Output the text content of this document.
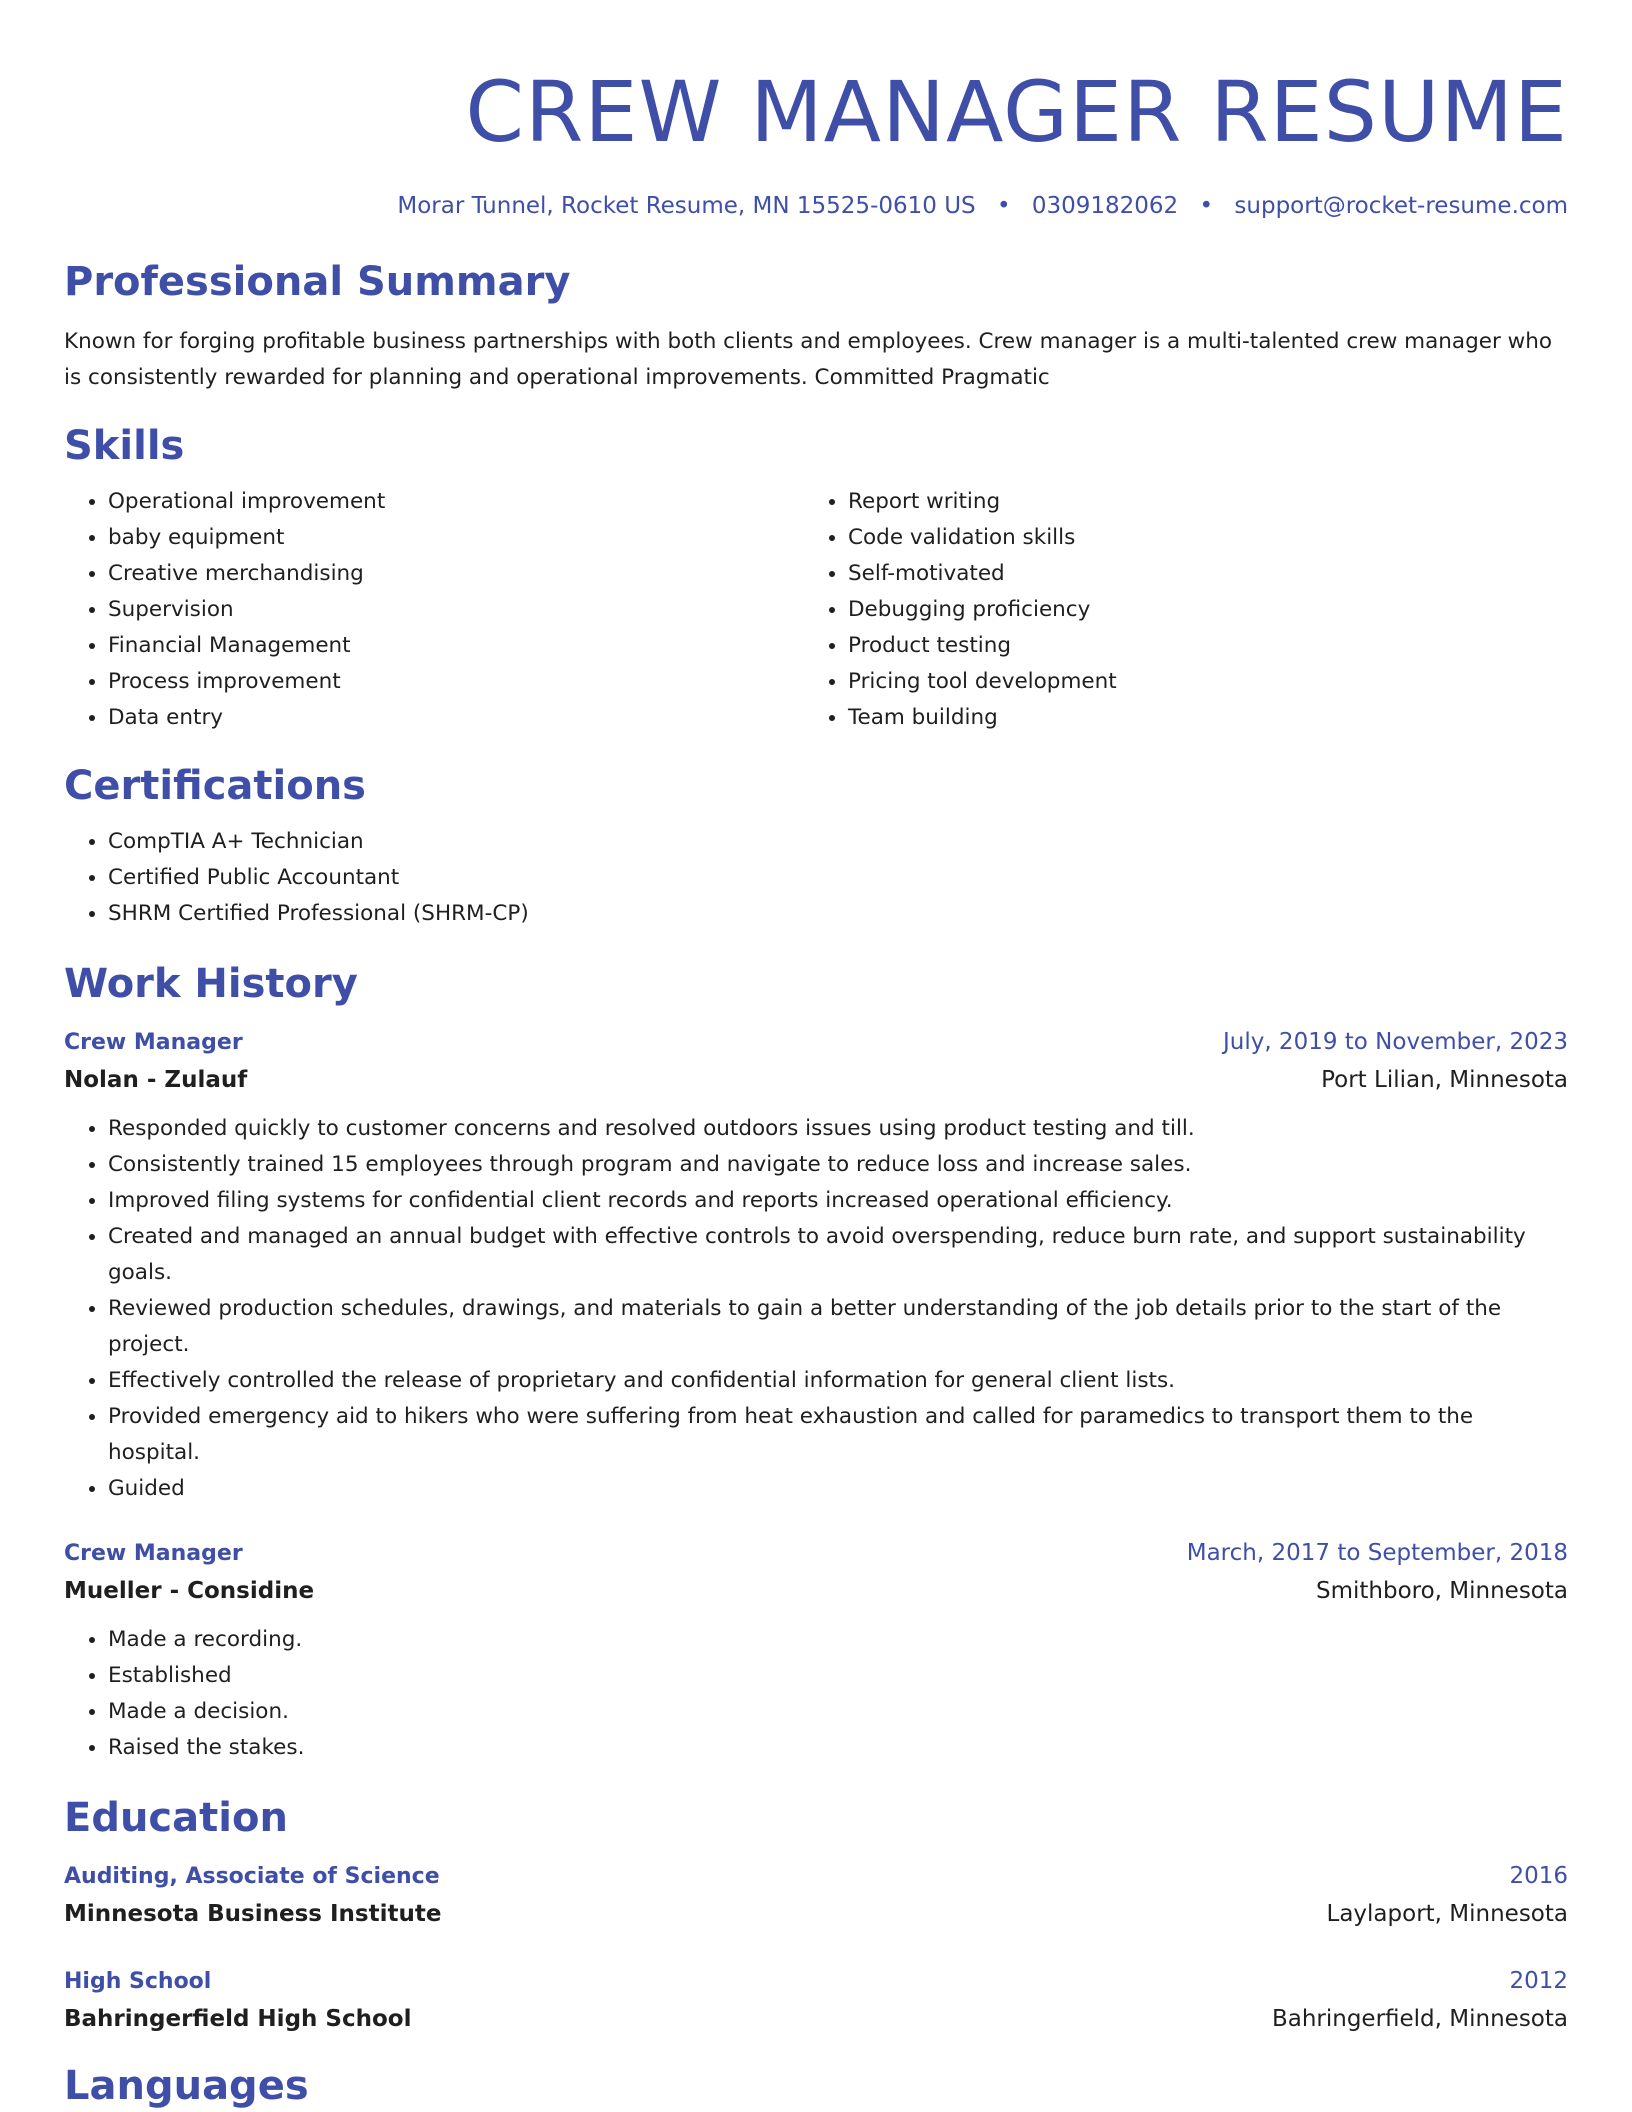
CREW MANAGER RESUME
Morar Tunnel, Rocket Resume, MN 15525-0610 US • 0309182062 • support@rocket-resume.com
Professional Summary

Known for forging profitable business partnerships with both clients and employees. Crew manager is a multi-talented crew manager who is consistently rewarded for planning and operational improvements. Committed Pragmatic

Skills
• Operational improvement
• baby equipment
• Creative merchandising
• Supervision
• Financial Management
• Process improvement
• Data entry
• Report writing
• Code validation skills
• Self-motivated
• Debugging proficiency
• Product testing
• Pricing tool development
• Team building
Certifications
• CompTIA A+ Technician
• Certified Public Accountant
• SHRM Certified Professional (SHRM-CP)
Work History
Crew Manager	July, 2019 to November, 2023
Nolan - Zulauf	Port Lilian, Minnesota
• Responded quickly to customer concerns and resolved outdoors issues using product testing and till.
• Consistently trained 15 employees through program and navigate to reduce loss and increase sales.
• Improved filing systems for confidential client records and reports increased operational efficiency.
• Created and managed an annual budget with effective controls to avoid overspending, reduce burn rate, and support sustainability goals.
• Reviewed production schedules, drawings, and materials to gain a better understanding of the job details prior to the start of the project.
• Effectively controlled the release of proprietary and confidential information for general client lists.
• Provided emergency aid to hikers who were suffering from heat exhaustion and called for paramedics to transport them to the hospital.
• Guided
Crew Manager	March, 2017 to September, 2018
Mueller - Considine	Smithboro, Minnesota
• Made a recording.
• Established
• Made a decision.
• Raised the stakes.
Education
Auditing, Associate of Science	2016
Minnesota Business Institute	Laylaport, Minnesota
High School	2012
Bahringerfield High School	Bahringerfield, Minnesota
Languages
